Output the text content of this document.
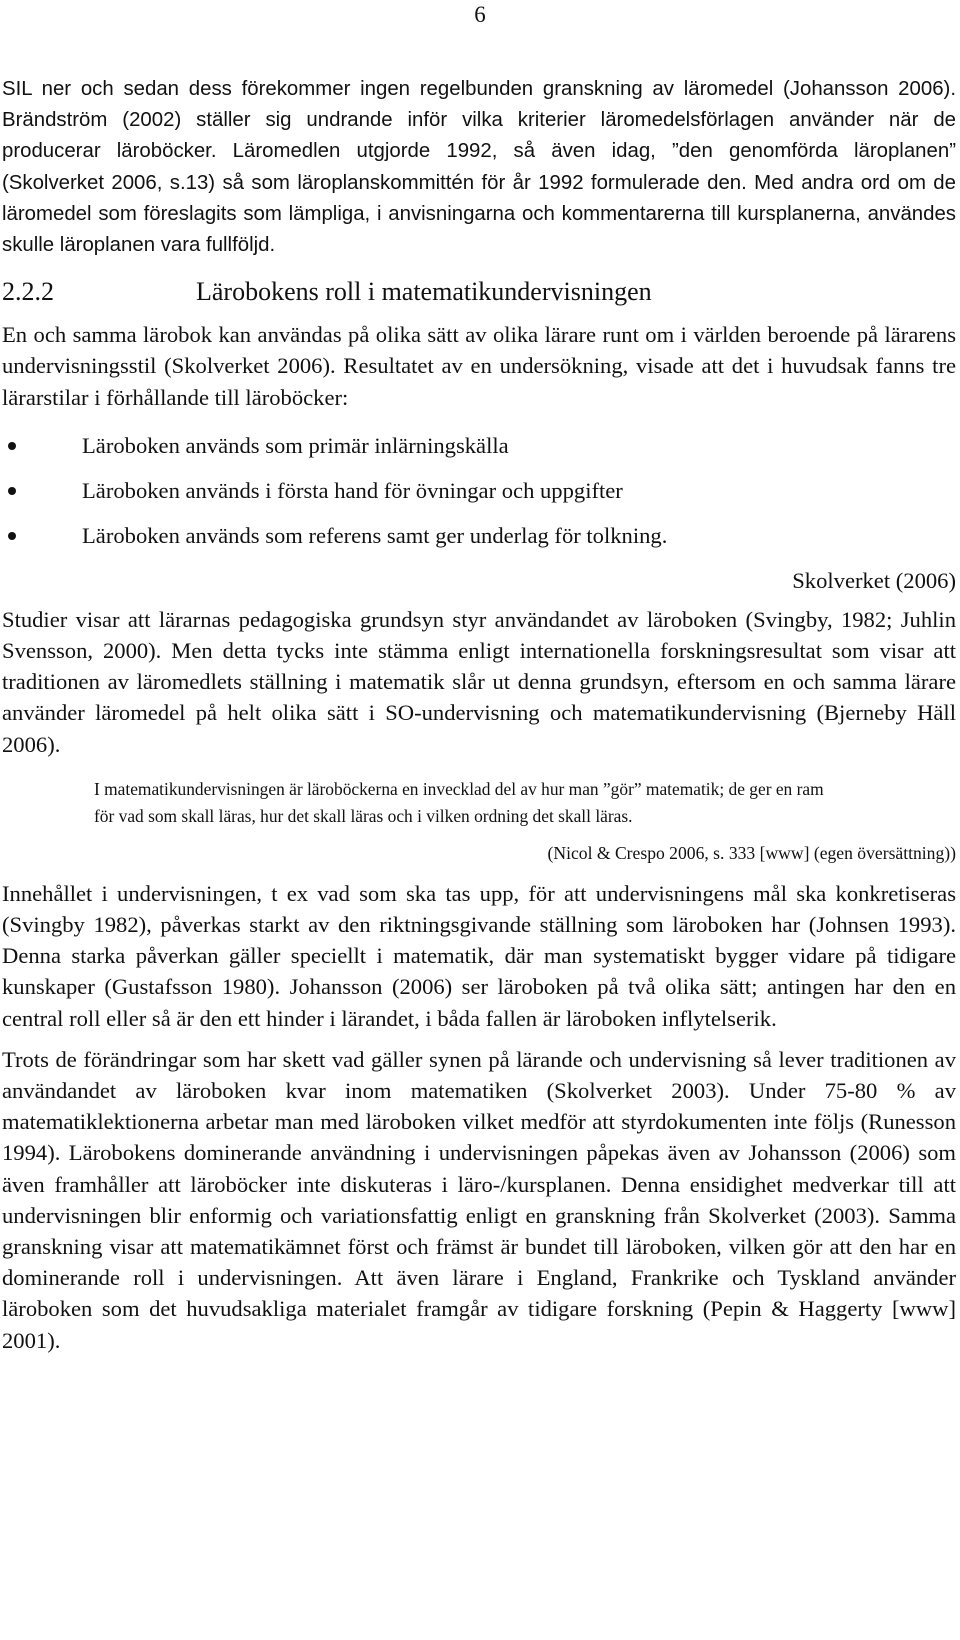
6

SIL ner och sedan dess förekommer ingen regelbunden granskning av läromedel (Johansson 2006). Brändström (2002) ställer sig undrande inför vilka kriterier läromedelsförlagen använder när de producerar läroböcker. Läromedlen utgjorde 1992, så även idag, ”den genomförda läroplanen” (Skolverket 2006, s.13) så som läroplanskommittén för år 1992 formulerade den. Med andra ord om de läromedel som föreslagits som lämpliga, i anvisningarna och kommentarerna till kursplanerna, användes skulle läroplanen vara fullföljd.

2.2.2	Lärobokens roll i matematikundervisningen

En och samma lärobok kan användas på olika sätt av olika lärare runt om i världen beroende på lärarens undervisningsstil (Skolverket 2006). Resultatet av en undersökning, visade att det i huvudsak fanns tre lärarstilar i förhållande till läroböcker:

Läroboken används som primär inlärningskälla
Läroboken används i första hand för övningar och uppgifter
Läroboken används som referens samt ger underlag för tolkning.

Skolverket (2006)

Studier visar att lärarnas pedagogiska grundsyn styr användandet av läroboken (Svingby, 1982; Juhlin Svensson, 2000). Men detta tycks inte stämma enligt internationella forskningsresultat som visar att traditionen av läromedlets ställning i matematik slår ut denna grundsyn, eftersom en och samma lärare använder läromedel på helt olika sätt i SO-undervisning och matematikundervisning (Bjerneby Häll 2006).

I matematikundervisningen är läroböckerna en invecklad del av hur man ”gör” matematik; de ger en ram för vad som skall läras, hur det skall läras och i vilken ordning det skall läras.

(Nicol & Crespo 2006, s. 333 [www] (egen översättning))

Innehållet i undervisningen, t ex vad som ska tas upp, för att undervisningens mål ska konkretiseras (Svingby 1982), påverkas starkt av den riktningsgivande ställning som läroboken har (Johnsen 1993). Denna starka påverkan gäller speciellt i matematik, där man systematiskt bygger vidare på tidigare kunskaper (Gustafsson 1980). Johansson (2006) ser läroboken på två olika sätt; antingen har den en central roll eller så är den ett hinder i lärandet, i båda fallen är läroboken inflytelserik.

Trots de förändringar som har skett vad gäller synen på lärande och undervisning så lever traditionen av användandet av läroboken kvar inom matematiken (Skolverket 2003). Under 75-80 % av matematiklektionerna arbetar man med läroboken vilket medför att styrdokumenten inte följs (Runesson 1994). Lärobokens dominerande användning i undervisningen påpekas även av Johansson (2006) som även framhåller att läroböcker inte diskuteras i läro-/kursplanen. Denna ensidighet medverkar till att undervisningen blir enformig och variationsfattig enligt en granskning från Skolverket (2003). Samma granskning visar att matematikämnet först och främst är bundet till läroboken, vilken gör att den har en dominerande roll i undervisningen. Att även lärare i England, Frankrike och Tyskland använder läroboken som det huvudsakliga materialet framgår av tidigare forskning (Pepin & Haggerty [www] 2001).
